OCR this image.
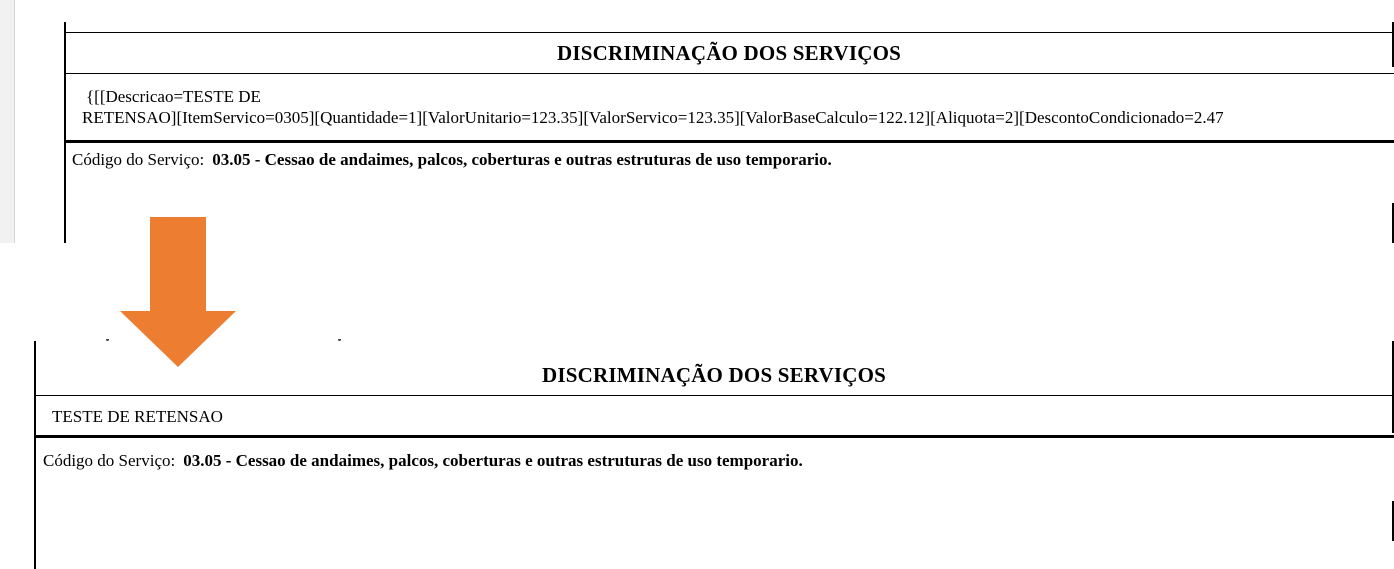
DISCRIMINAÇÃO DOS SERVIÇOS
{[[Descricao=TESTE DE
RETENSAO][ItemServico=0305][Quantidade=1][ValorUnitario=123.35][ValorServico=123.35][ValorBaseCalculo=122.12][Aliquota=2][DescontoCondicionado=2.47
Código do Serviço: 03.05 - Cessao de andaimes, palcos, coberturas e outras estruturas de uso temporario.
DISCRIMINAÇÃO DOS SERVIÇOS
TESTE DE RETENSAO
Código do Serviço: 03.05 - Cessao de andaimes, palcos, coberturas e outras estruturas de uso temporario.
